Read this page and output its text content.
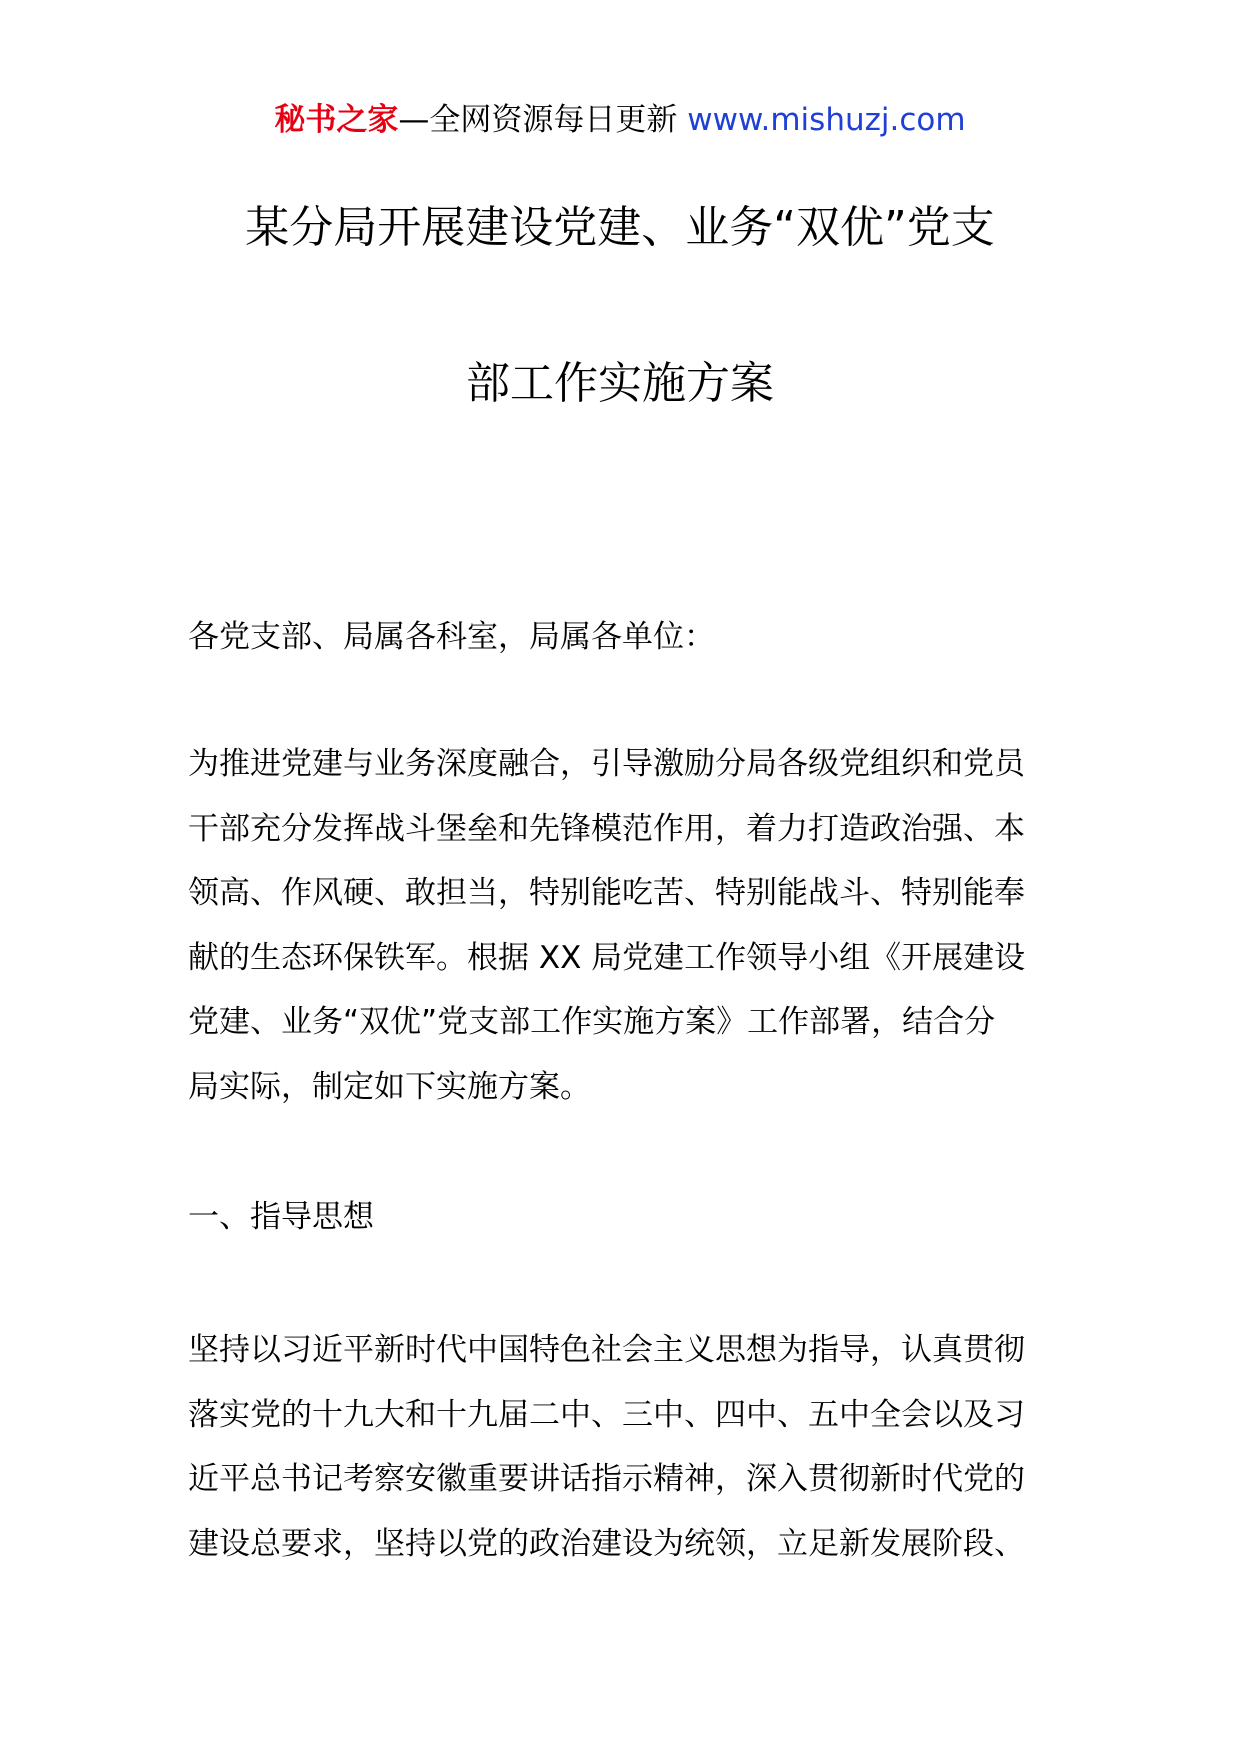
秘书之家—全网资源每日更新 www.mishuzj.com
某分局开展建设党建、业务“双优”党支
部工作实施方案
各党支部、局属各科室，局属各单位：
为推进党建与业务深度融合，引导激励分局各级党组织和党员
干部充分发挥战斗堡垒和先锋模范作用，着力打造政治强、本
领高、作风硬、敢担当，特别能吃苦、特别能战斗、特别能奉
献的生态环保铁军。根据 XX 局党建工作领导小组《开展建设
党建、业务“双优”党支部工作实施方案》工作部署，结合分
局实际，制定如下实施方案。
一、指导思想
坚持以习近平新时代中国特色社会主义思想为指导，认真贯彻
落实党的十九大和十九届二中、三中、四中、五中全会以及习
近平总书记考察安徽重要讲话指示精神，深入贯彻新时代党的
建设总要求，坚持以党的政治建设为统领，立足新发展阶段、
